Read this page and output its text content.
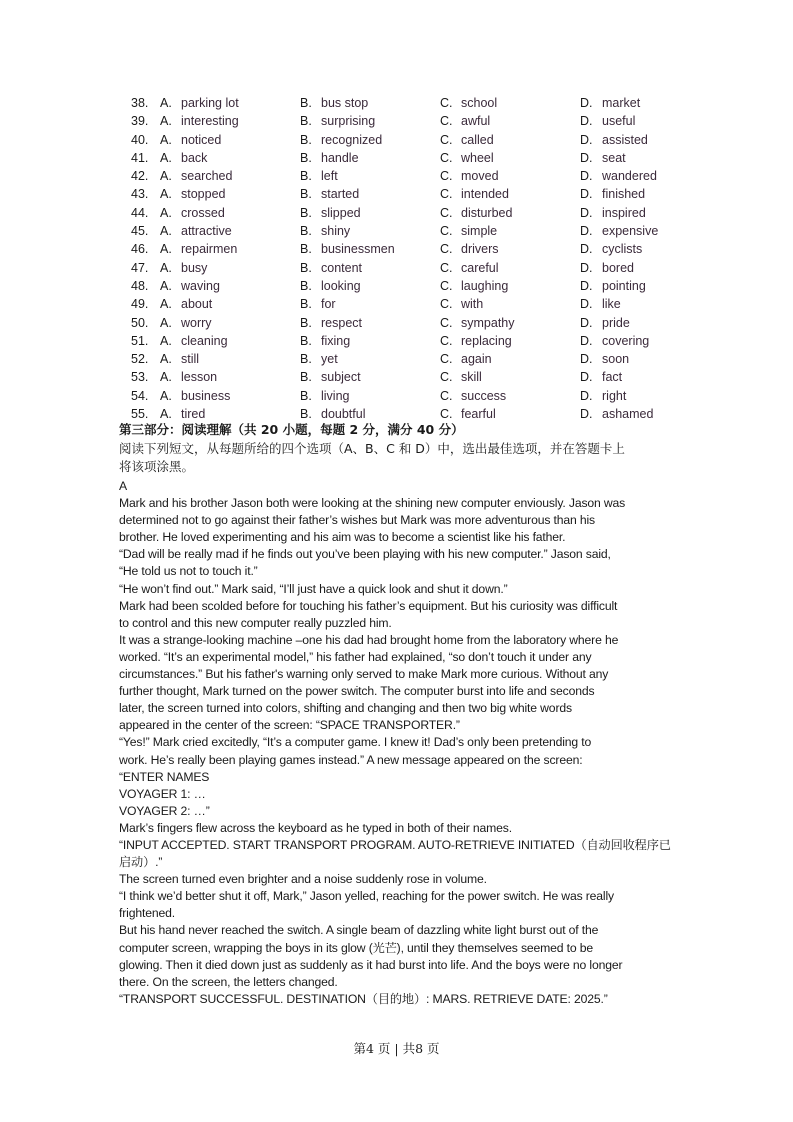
38. A. parking lot	B. bus stop	C. school	D. market
39. A. interesting	B. surprising	C. awful	D. useful
40. A. noticed	B. recognized	C. called	D. assisted
41. A. back	B. handle	C. wheel	D. seat
42. A. searched	B. left	C. moved	D. wandered
43. A. stopped	B. started	C. intended	D. finished
44. A. crossed	B. slipped	C. disturbed	D. inspired
45. A. attractive	B. shiny	C. simple	D. expensive
46. A. repairmen	B. businessmen	C. drivers	D. cyclists
47. A. busy	B. content	C. careful	D. bored
48. A. waving	B. looking	C. laughing	D. pointing
49. A. about	B. for	C. with	D. like
50. A. worry	B. respect	C. sympathy	D. pride
51. A. cleaning	B. fixing	C. replacing	D. covering
52. A. still	B. yet	C. again	D. soon
53. A. lesson	B. subject	C. skill	D. fact
54. A. business	B. living	C. success	D. right
55. A. tired	B. doubtful	C. fearful	D. ashamed
第三部分：阅读理解（共 20 小题，每题 2 分，满分 40 分）
阅读下列短文，从每题所给的四个选项（A、B、C 和 D）中，选出最佳选项，并在答题卡上
将该项涂黑。
A
Mark and his brother Jason both were looking at the shining new computer enviously. Jason was
determined not to go against their father’s wishes but Mark was more adventurous than his
brother. He loved experimenting and his aim was to become a scientist like his father.
“Dad will be really mad if he finds out you’ve been playing with his new computer.” Jason said,
“He told us not to touch it.”
“He won’t find out.” Mark said, “I’ll just have a quick look and shut it down.”
Mark had been scolded before for touching his father’s equipment. But his curiosity was difficult
to control and this new computer really puzzled him.
It was a strange-looking machine –one his dad had brought home from the laboratory where he
worked. “It’s an experimental model,” his father had explained, “so don’t touch it under any
circumstances.” But his father's warning only served to make Mark more curious. Without any
further thought, Mark turned on the power switch. The computer burst into life and seconds
later, the screen turned into colors, shifting and changing and then two big white words
appeared in the center of the screen: “SPACE TRANSPORTER.”
“Yes!” Mark cried excitedly, “It’s a computer game. I knew it! Dad’s only been pretending to
work. He’s really been playing games instead.” A new message appeared on the screen:
“ENTER NAMES
VOYAGER 1: …
VOYAGER 2: …”
Mark’s fingers flew across the keyboard as he typed in both of their names.
“INPUT ACCEPTED. START TRANSPORT PROGRAM. AUTO-RETRIEVE INITIATED（自动回收程序已
启动）.”
The screen turned even brighter and a noise suddenly rose in volume.
“I think we’d better shut it off, Mark,” Jason yelled, reaching for the power switch. He was really
frightened.
But his hand never reached the switch. A single beam of dazzling white light burst out of the
computer screen, wrapping the boys in its glow (光芒), until they themselves seemed to be
glowing. Then it died down just as suddenly as it had burst into life. And the boys were no longer
there. On the screen, the letters changed.
“TRANSPORT SUCCESSFUL. DESTINATION（目的地）: MARS. RETRIEVE DATE: 2025.”
第4 页 | 共8 页
